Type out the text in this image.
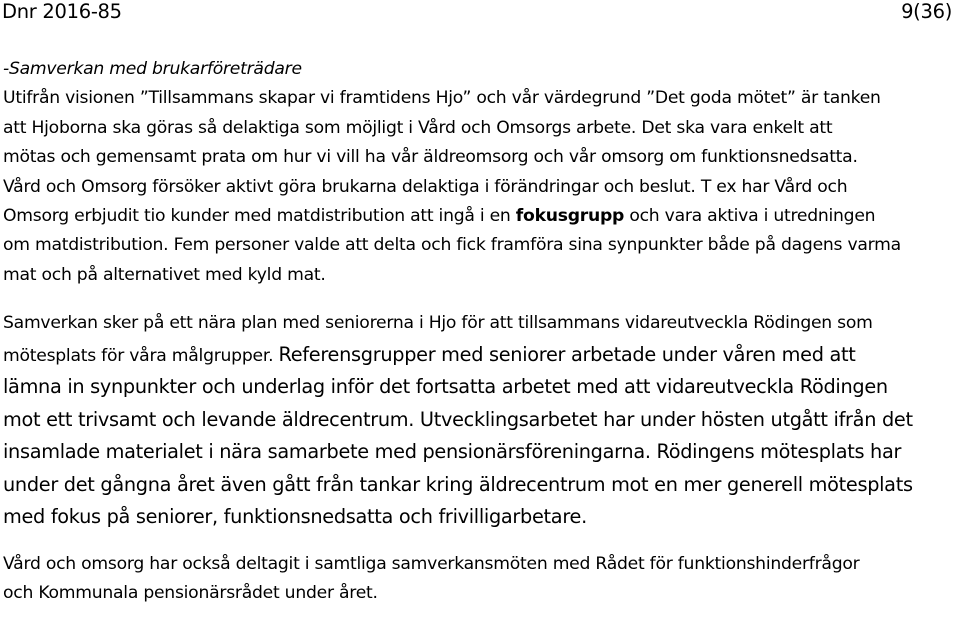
Dnr 2016-85	9(36)
-Samverkan med brukarföreträdare
Utifrån visionen ”Tillsammans skapar vi framtidens Hjo” och vår värdegrund ”Det goda mötet” är tanken
att Hjoborna ska göras så delaktiga som möjligt i Vård och Omsorgs arbete. Det ska vara enkelt att
mötas och gemensamt prata om hur vi vill ha vår äldreomsorg och vår omsorg om funktionsnedsatta.
Vård och Omsorg försöker aktivt göra brukarna delaktiga i förändringar och beslut. T ex har Vård och
Omsorg erbjudit tio kunder med matdistribution att ingå i en fokusgrupp och vara aktiva i utredningen
om matdistribution. Fem personer valde att delta och fick framföra sina synpunkter både på dagens varma
mat och på alternativet med kyld mat.
Samverkan sker på ett nära plan med seniorerna i Hjo för att tillsammans vidareutveckla Rödingen som
mötesplats för våra målgrupper. Referensgrupper med seniorer arbetade under våren med att
lämna in synpunkter och underlag inför det fortsatta arbetet med att vidareutveckla Rödingen
mot ett trivsamt och levande äldrecentrum. Utvecklingsarbetet har under hösten utgått ifrån det
insamlade materialet i nära samarbete med pensionärsföreningarna. Rödingens mötesplats har
under det gångna året även gått från tankar kring äldrecentrum mot en mer generell mötesplats
med fokus på seniorer, funktionsnedsatta och frivilligarbetare.
Vård och omsorg har också deltagit i samtliga samverkansmöten med Rådet för funktionshinderfrågor
och Kommunala pensionärsrådet under året.
